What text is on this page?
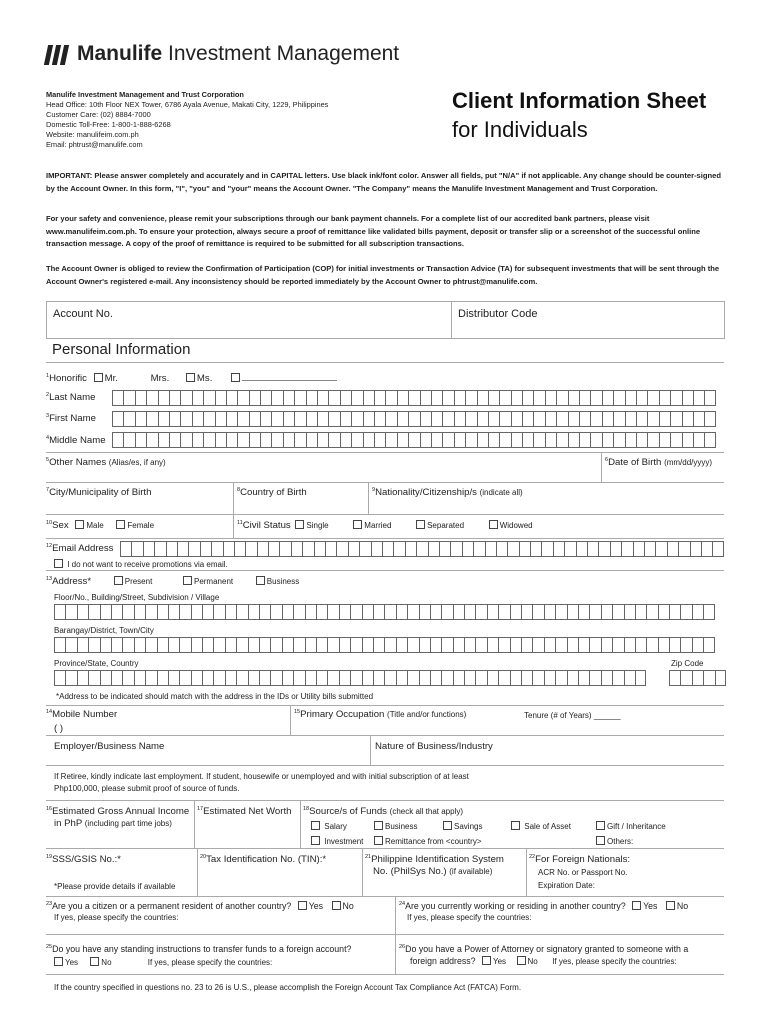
Manulife Investment Management
Manulife Investment Management and Trust Corporation
Head Office: 10th Floor NEX Tower, 6786 Ayala Avenue, Makati City, 1229, Philippines
Customer Care: (02) 8884-7000
Domestic Toll-Free: 1-800-1-888-6268
Website: manulifeim.com.ph
Email: phtrust@manulife.com
Client Information Sheet
for Individuals
IMPORTANT: Please answer completely and accurately and in CAPITAL letters. Use black ink/font color. Answer all fields, put "N/A" if not applicable. Any change should be counter-signed by the Account Owner. In this form, "I", "you" and "your" means the Account Owner. "The Company" means the Manulife Investment Management and Trust Corporation.
For your safety and convenience, please remit your subscriptions through our bank payment channels. For a complete list of our accredited bank partners, please visit www.manulifeim.com.ph. To ensure your protection, always secure a proof of remittance like validated bills payment, deposit or transfer slip or a screenshot of the successful online transaction message. A copy of the proof of remittance is required to be submitted for all subscription transactions.
The Account Owner is obliged to review the Confirmation of Participation (COP) for initial investments or Transaction Advice (TA) for subsequent investments that will be sent through the Account Owner's registered e-mail. Any inconsistency should be reported immediately by the Account Owner to phtrust@manulife.com.
Account No.	Distributor Code
Personal Information
$^1$Honorific Mr.	Mrs.	Ms.
$^2$Last Name
$^3$First Name
$^4$Middle Name
$^5$Other Names (Alias/es, if any)	$^6$Date of Birth (mm/dd/yyyy)
$^7$City/Municipality of Birth	$^8$Country of Birth	$^9$Nationality/Citizenship/s (indicate all)
$^{10}$Sex Male	Female	$^{11}$Civil Status Single	Married	Separated	Widowed
$^{12}$Email Address
I do not want to receive promotions via email.
$^{13}$Address*	Present	Permanent	Business
Floor/No., Building/Street, Subdivision / Village
Barangay/District, Town/City
Province/State, Country	Zip Code
*Address to be indicated should match with the address in the IDs or Utility bills submitted
$^{14}$Mobile Number
( )
$^{15}$Primary Occupation (Title and/or functions)	Tenure (# of Years) ______
Employer/Business Name	Nature of Business/Industry
If Retiree, kindly indicate last employment. If student, housewife or unemployed and with initial subscription of at least
Php100,000, please submit proof of source of funds.
$^{16}$Estimated Gross Annual Income
in PhP (including part time jobs)
$^{17}$Estimated Net Worth $^{18}$Source/s of Funds (check all that apply)
Salary	Business	Savings	Sale of Asset	Gift / Inheritance
Investment	Remittance from <country>	Others:
$^{19}$SSS/GSIS No.:*	$^{20}$Tax Identification No. (TIN):*	$^{21}$Philippine Identification System
No. (PhilSys No.) (if available)
$^{22}$For Foreign Nationals:
ACR No. or Passport No.
Expiration Date:
*Please provide details if available
$^{23}$Are you a citizen or a permanent resident of another country? Yes No
If yes, please specify the countries:
$^{24}$Are you currently working or residing in another country? Yes No
If yes, please specify the countries:
$^{25}$Do you have any standing instructions to transfer funds to a foreign account?
Yes	No	If yes, please specify the countries:
$^{26}$Do you have a Power of Attorney or signatory granted to someone with a
foreign address? Yes	No If yes, please specify the countries:
If the country specified in questions no. 23 to 26 is U.S., please accomplish the Foreign Account Tax Compliance Act (FATCA) Form.
